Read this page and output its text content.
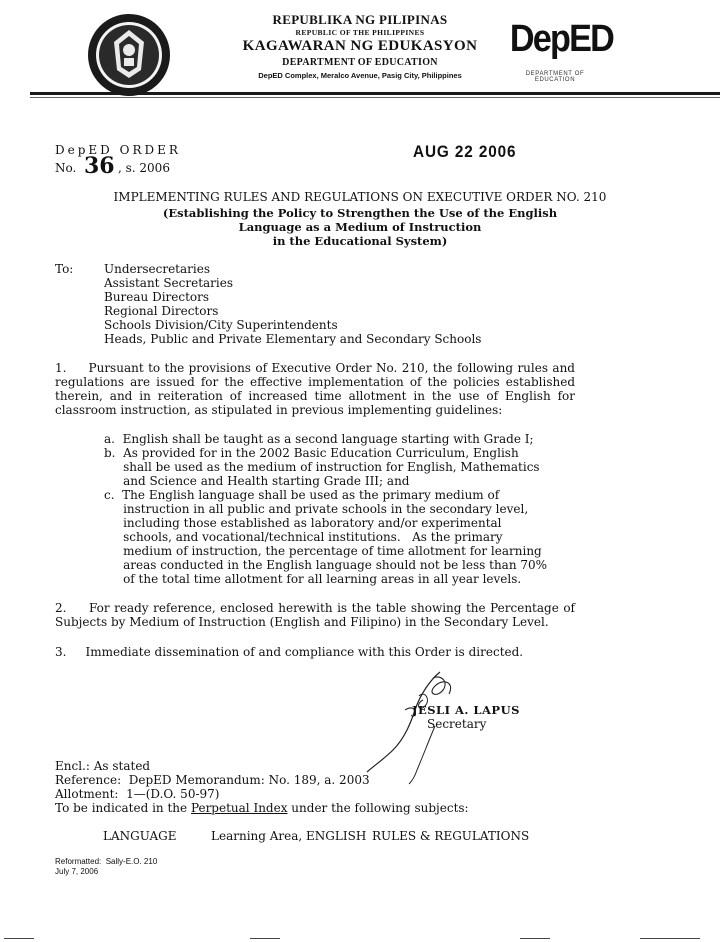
REPUBLIKA NG PILIPINAS
REPUBLIC OF THE PHILIPPINES
KAGAWARAN NG EDUKASYON
DEPARTMENT OF EDUCATION
DepED Complex, Meralco Avenue, Pasig City, Philippines
DepED
DEPARTMENT OF EDUCATION
DepED ORDER
No. 36 , s. 2006
AUG 22 2006
IMPLEMENTING RULES AND REGULATIONS ON EXECUTIVE ORDER NO. 210
(Establishing the Policy to Strengthen the Use of the English
Language as a Medium of Instruction
in the Educational System)
To:	Undersecretaries
Assistant Secretaries
Bureau Directors
Regional Directors
Schools Division/City Superintendents
Heads, Public and Private Elementary and Secondary Schools
1.     Pursuant to the provisions of Executive Order No. 210, the following rules and
regulations are issued for the effective implementation of the policies established
therein, and in reiteration of increased time allotment in the use of English for
classroom instruction, as stipulated in previous implementing guidelines:
a.  English shall be taught as a second language starting with Grade I;
b.  As provided for in the 2002 Basic Education Curriculum, English
shall be used as the medium of instruction for English, Mathematics
and Science and Health starting Grade III; and
c.  The English language shall be used as the primary medium of
instruction in all public and private schools in the secondary level,
including those established as laboratory and/or experimental
schools, and vocational/technical institutions.   As the primary
medium of instruction, the percentage of time allotment for learning
areas conducted in the English language should not be less than 70%
of the total time allotment for all learning areas in all year levels.
2.     For ready reference, enclosed herewith is the table showing the Percentage of
Subjects by Medium of Instruction (English and Filipino) in the Secondary Level.
3.     Immediate dissemination of and compliance with this Order is directed.
JESLI A. LAPUS
Secretary
Encl.: As stated
Reference:  DepED Memorandum: No. 189, a. 2003
Allotment:  1—(D.O. 50-97)
To be indicated in the Perpetual Index under the following subjects:
LANGUAGE	Learning Area, ENGLISH RULES & REGULATIONS
Reformatted:  Sally-E.O. 210
July 7, 2006
